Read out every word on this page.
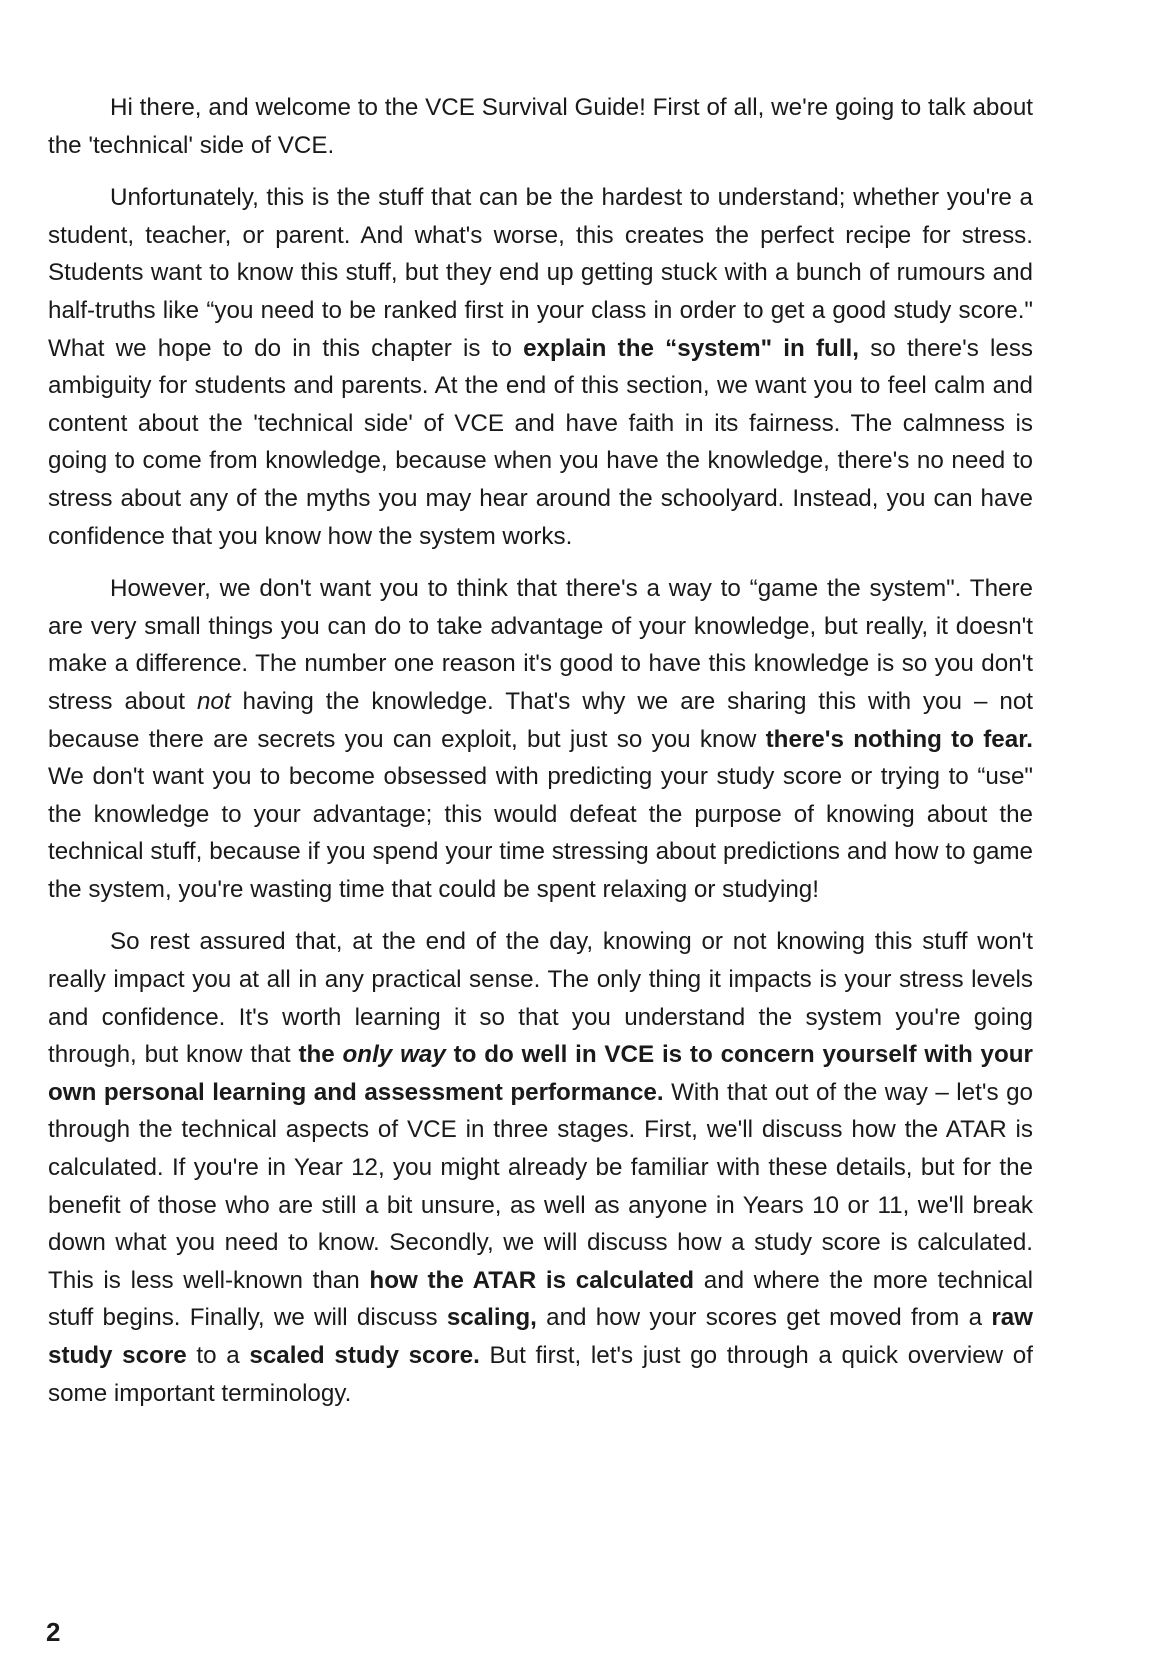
Hi there, and welcome to the VCE Survival Guide! First of all, we're going to talk about the 'technical' side of VCE.

Unfortunately, this is the stuff that can be the hardest to understand; whether you're a student, teacher, or parent. And what's worse, this creates the perfect recipe for stress. Students want to know this stuff, but they end up getting stuck with a bunch of rumours and half-truths like “you need to be ranked first in your class in order to get a good study score." What we hope to do in this chapter is to explain the “system" in full, so there's less ambiguity for students and parents. At the end of this section, we want you to feel calm and content about the 'technical side' of VCE and have faith in its fairness. The calmness is going to come from knowledge, because when you have the knowledge, there's no need to stress about any of the myths you may hear around the schoolyard. Instead, you can have confidence that you know how the system works.

However, we don't want you to think that there's a way to “game the system". There are very small things you can do to take advantage of your knowledge, but really, it doesn't make a difference. The number one reason it's good to have this knowledge is so you don't stress about not having the knowledge. That's why we are sharing this with you – not because there are secrets you can exploit, but just so you know there's nothing to fear. We don't want you to become obsessed with predicting your study score or trying to “use" the knowledge to your advantage; this would defeat the purpose of knowing about the technical stuff, because if you spend your time stressing about predictions and how to game the system, you're wasting time that could be spent relaxing or studying!

So rest assured that, at the end of the day, knowing or not knowing this stuff won't really impact you at all in any practical sense. The only thing it impacts is your stress levels and confidence. It's worth learning it so that you understand the system you're going through, but know that the only way to do well in VCE is to concern yourself with your own personal learning and assessment performance. With that out of the way – let's go through the technical aspects of VCE in three stages. First, we'll discuss how the ATAR is calculated. If you're in Year 12, you might already be familiar with these details, but for the benefit of those who are still a bit unsure, as well as anyone in Years 10 or 11, we'll break down what you need to know. Secondly, we will discuss how a study score is calculated. This is less well-known than how the ATAR is calculated and where the more technical stuff begins. Finally, we will discuss scaling, and how your scores get moved from a raw study score to a scaled study score. But first, let's just go through a quick overview of some important terminology.

2
